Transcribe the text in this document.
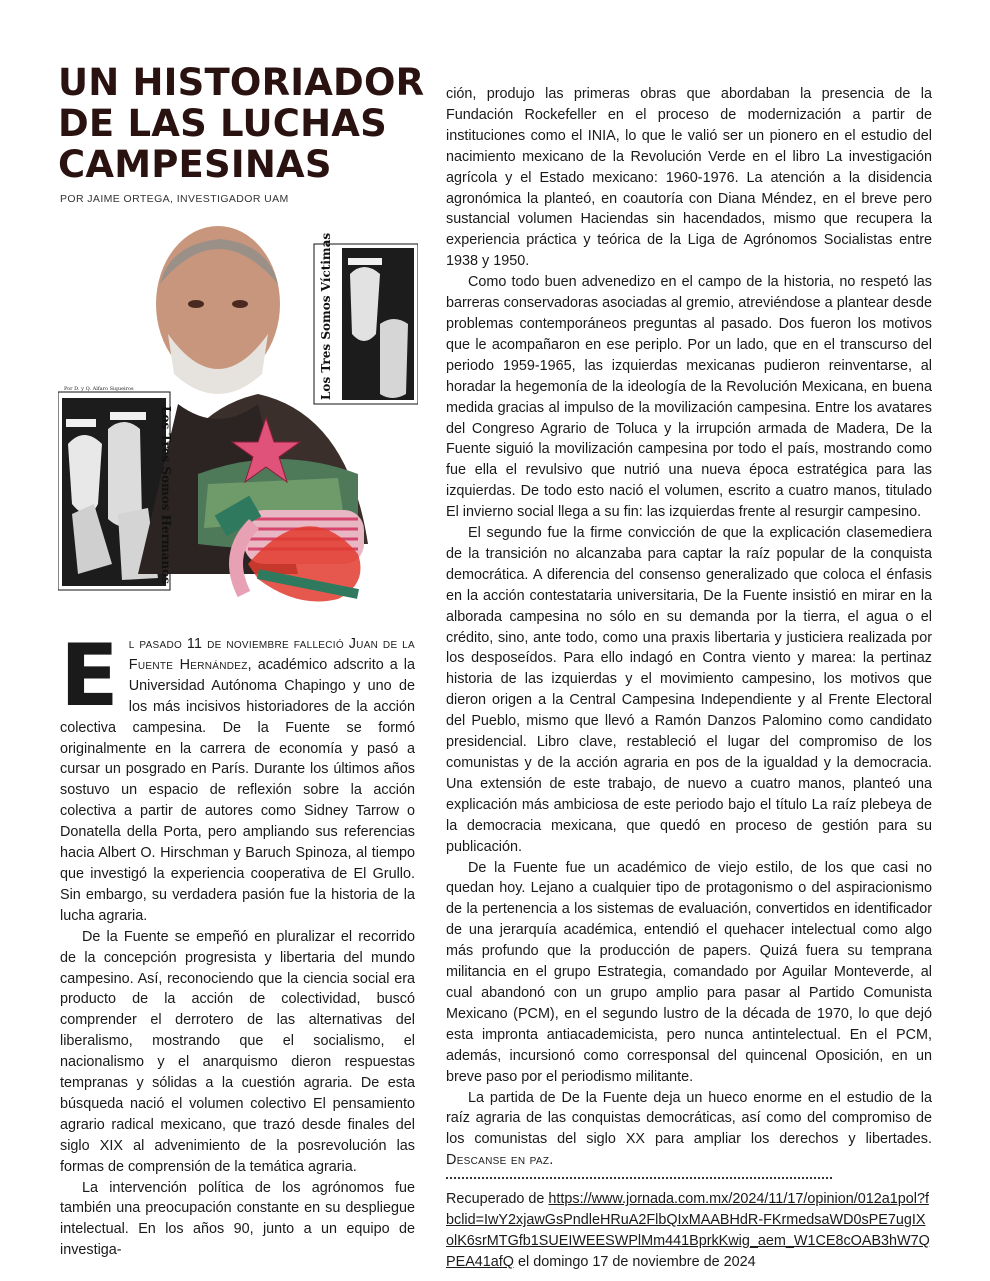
UN HISTORIADOR
DE LAS LUCHAS
CAMPESINAS

POR JAIME ORTEGA, INVESTIGADOR UAM

Por D. y Q. Alfaro Siqueiros	Los Tres Somos Víctimas
Los Tres Somos Hermanos

El pasado 11 de noviembre falleció Juan de la Fuente Hernández, académico adscrito a la Universidad Autónoma Chapingo y uno de los más incisivos historiadores de la acción colectiva campesina. De la Fuente se formó originalmente en la carrera de economía y pasó a cursar un posgrado en París. Durante los últimos años sostuvo un espacio de reflexión sobre la acción colectiva a partir de autores como Sidney Tarrow o Donatella della Porta, pero ampliando sus referencias hacia Albert O. Hirschman y Baruch Spinoza, al tiempo que investigó la experiencia cooperativa de El Grullo. Sin embargo, su verdadera pasión fue la historia de la lucha agraria.

De la Fuente se empeñó en pluralizar el recorrido de la concepción progresista y libertaria del mundo campesino. Así, reconociendo que la ciencia social era producto de la acción de colectividad, buscó comprender el derrotero de las alternativas del liberalismo, mostrando que el socialismo, el nacionalismo y el anarquismo dieron respuestas tempranas y sólidas a la cuestión agraria. De esta búsqueda nació el volumen colectivo El pensamiento agrario radical mexicano, que trazó desde finales del siglo XIX al advenimiento de la posrevolución las formas de comprensión de la temática agraria.

La intervención política de los agrónomos fue también una preocupación constante en su despliegue intelectual. En los años 90, junto a un equipo de investiga-

ción, produjo las primeras obras que abordaban la presencia de la Fundación Rockefeller en el proceso de modernización a partir de instituciones como el INIA, lo que le valió ser un pionero en el estudio del nacimiento mexicano de la Revolución Verde en el libro La investigación agrícola y el Estado mexicano: 1960-1976. La atención a la disidencia agronómica la planteó, en coautoría con Diana Méndez, en el breve pero sustancial volumen Haciendas sin hacendados, mismo que recupera la experiencia práctica y teórica de la Liga de Agrónomos Socialistas entre 1938 y 1950.

Como todo buen advenedizo en el campo de la historia, no respetó las barreras conservadoras asociadas al gremio, atreviéndose a plantear desde problemas contemporáneos preguntas al pasado. Dos fueron los motivos que le acompañaron en ese periplo. Por un lado, que en el transcurso del periodo 1959-1965, las izquierdas mexicanas pudieron reinventarse, al horadar la hegemonía de la ideología de la Revolución Mexicana, en buena medida gracias al impulso de la movilización campesina. Entre los avatares del Congreso Agrario de Toluca y la irrupción armada de Madera, De la Fuente siguió la movilización campesina por todo el país, mostrando como fue ella el revulsivo que nutrió una nueva época estratégica para las izquierdas. De todo esto nació el volumen, escrito a cuatro manos, titulado El invierno social llega a su fin: las izquierdas frente al resurgir campesino.

El segundo fue la firme convicción de que la explicación clasemediera de la transición no alcanzaba para captar la raíz popular de la conquista democrática. A diferencia del consenso generalizado que coloca el énfasis en la acción contestataria universitaria, De la Fuente insistió en mirar en la alborada campesina no sólo en su demanda por la tierra, el agua o el crédito, sino, ante todo, como una praxis libertaria y justiciera realizada por los desposeídos. Para ello indagó en Contra viento y marea: la pertinaz historia de las izquierdas y el movimiento campesino, los motivos que dieron origen a la Central Campesina Independiente y al Frente Electoral del Pueblo, mismo que llevó a Ramón Danzos Palomino como candidato presidencial. Libro clave, restableció el lugar del compromiso de los comunistas y de la acción agraria en pos de la igualdad y la democracia. Una extensión de este trabajo, de nuevo a cuatro manos, planteó una explicación más ambiciosa de este periodo bajo el título La raíz plebeya de la democracia mexicana, que quedó en proceso de gestión para su publicación.

De la Fuente fue un académico de viejo estilo, de los que casi no quedan hoy. Lejano a cualquier tipo de protagonismo o del aspiracionismo de la pertenencia a los sistemas de evaluación, convertidos en identificador de una jerarquía académica, entendió el quehacer intelectual como algo más profundo que la producción de papers. Quizá fuera su temprana militancia en el grupo Estrategia, comandado por Aguilar Monteverde, al cual abandonó con un grupo amplio para pasar al Partido Comunista Mexicano (PCM), en el segundo lustro de la década de 1970, lo que dejó esta impronta antiacademicista, pero nunca antintelectual. En el PCM, además, incursionó como corresponsal del quincenal Oposición, en un breve paso por el periodismo militante.

La partida de De la Fuente deja un hueco enorme en el estudio de la raíz agraria de las conquistas democráticas, así como del compromiso de los comunistas del siglo XX para ampliar los derechos y libertades. Descanse en paz.

Recuperado de https://www.jornada.com.mx/2024/11/17/opinion/012a1pol?fbclid=IwY2xjawGsPndleHRuA2FlbQIxMAABHdR-FKrmedsaWD0sPE7ugIXolK6srMTGfb1SUEIWEESWPlMm441BprkKwig_aem_W1CE8cOAB3hW7QPEA41afQ el domingo 17 de noviembre de 2024
